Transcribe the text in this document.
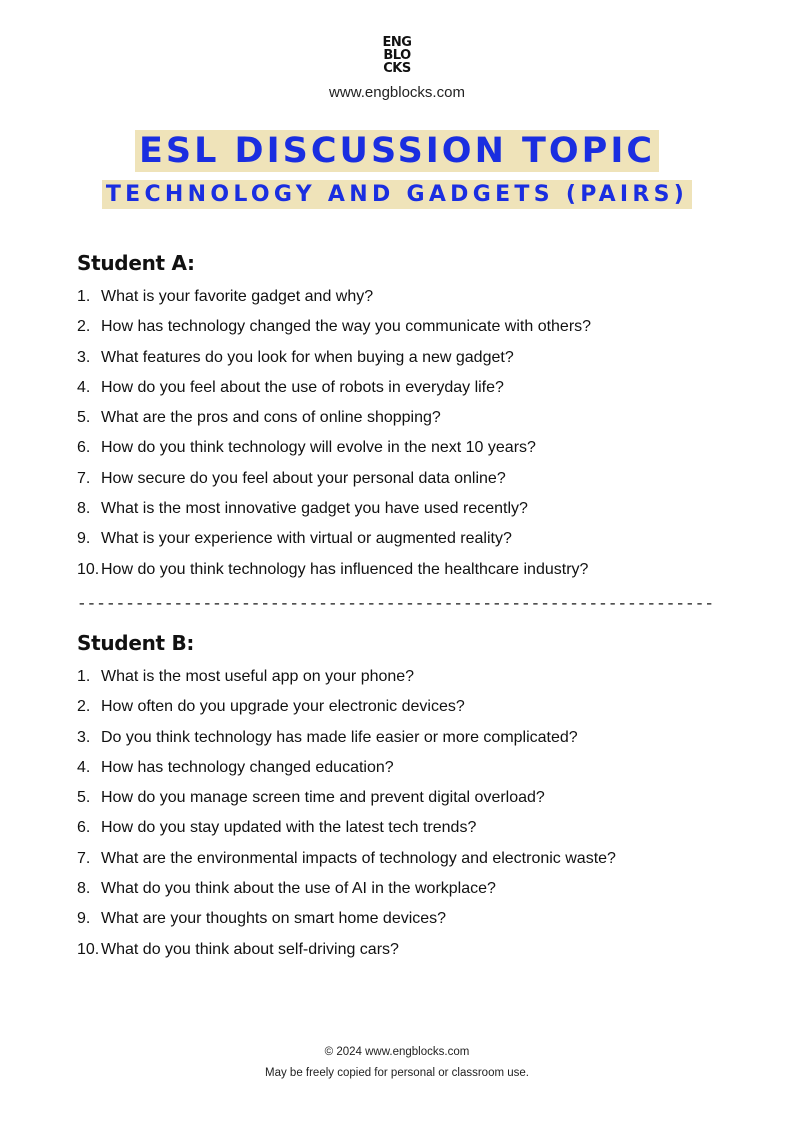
ENG
BLO
CKS
www.engblocks.com
ESL DISCUSSION TOPIC
TECHNOLOGY AND GADGETS (PAIRS)
Student A:
1. What is your favorite gadget and why?
2. How has technology changed the way you communicate with others?
3. What features do you look for when buying a new gadget?
4. How do you feel about the use of robots in everyday life?
5. What are the pros and cons of online shopping?
6. How do you think technology will evolve in the next 10 years?
7. How secure do you feel about your personal data online?
8. What is the most innovative gadget you have used recently?
9. What is your experience with virtual or augmented reality?
10. How do you think technology has influenced the healthcare industry?
------------------------------------------------------------------
Student B:
1. What is the most useful app on your phone?
2. How often do you upgrade your electronic devices?
3. Do you think technology has made life easier or more complicated?
4. How has technology changed education?
5. How do you manage screen time and prevent digital overload?
6. How do you stay updated with the latest tech trends?
7. What are the environmental impacts of technology and electronic waste?
8. What do you think about the use of AI in the workplace?
9. What are your thoughts on smart home devices?
10. What do you think about self-driving cars?
© 2024 www.engblocks.com
May be freely copied for personal or classroom use.
